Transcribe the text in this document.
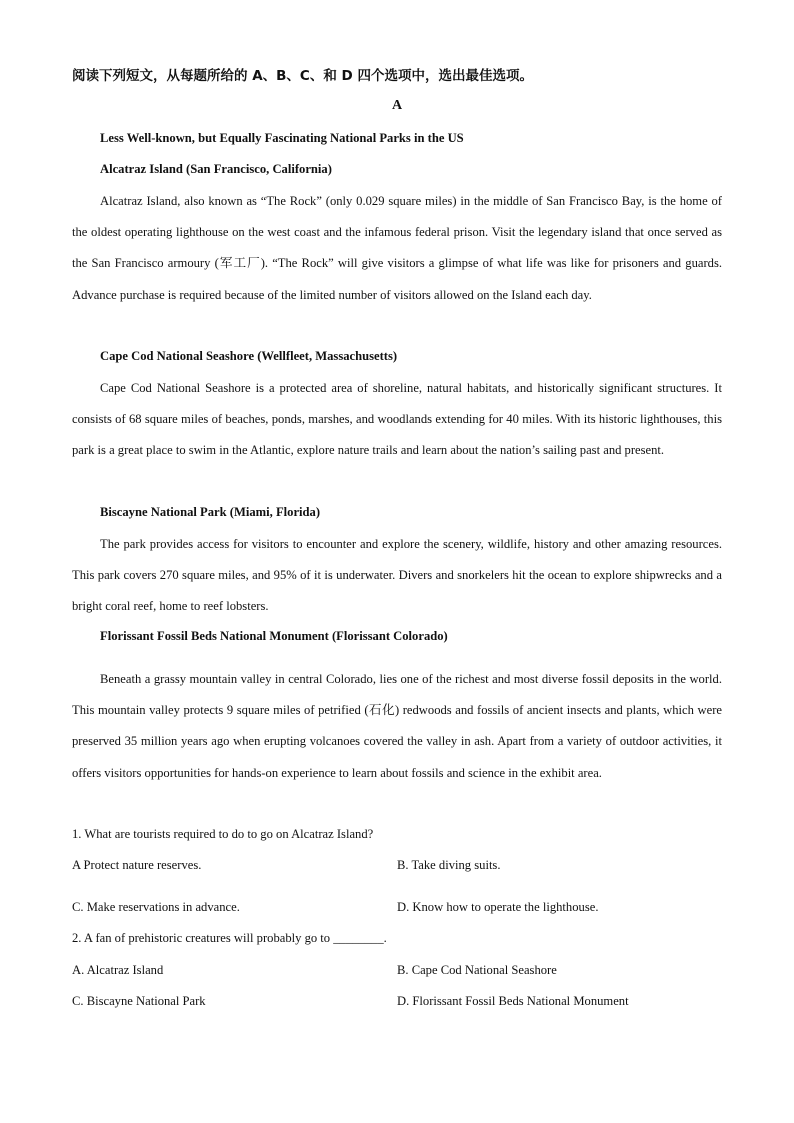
阅读下列短文，从每题所给的 A、B、C、和 D 四个选项中，选出最佳选项。
A
Less Well-known, but Equally Fascinating National Parks in the US
Alcatraz Island (San Francisco, California)

Alcatraz Island, also known as “The Rock” (only 0.029 square miles) in the middle of San Francisco Bay, is the home of the oldest operating lighthouse on the west coast and the infamous federal prison. Visit the legendary island that once served as the San Francisco armoury (军工厂). “The Rock” will give visitors a glimpse of what life was like for prisoners and guards. Advance purchase is required because of the limited number of visitors allowed on the Island each day.

Cape Cod National Seashore (Wellfleet, Massachusetts)

Cape Cod National Seashore is a protected area of shoreline, natural habitats, and historically significant structures. It consists of 68 square miles of beaches, ponds, marshes, and woodlands extending for 40 miles. With its historic lighthouses, this park is a great place to swim in the Atlantic, explore nature trails and learn about the nation’s sailing past and present.

Biscayne National Park (Miami, Florida)

The park provides access for visitors to encounter and explore the scenery, wildlife, history and other amazing resources. This park covers 270 square miles, and 95% of it is underwater. Divers and snorkelers hit the ocean to explore shipwrecks and a bright coral reef, home to reef lobsters.

Florissant Fossil Beds National Monument (Florissant Colorado)

Beneath a grassy mountain valley in central Colorado, lies one of the richest and most diverse fossil deposits in the world. This mountain valley protects 9 square miles of petrified (石化) redwoods and fossils of ancient insects and plants, which were preserved 35 million years ago when erupting volcanoes covered the valley in ash. Apart from a variety of outdoor activities, it offers visitors opportunities for hands-on experience to learn about fossils and science in the exhibit area.

1. What are tourists required to do to go on Alcatraz Island?
A Protect nature reserves.	B. Take diving suits.
C. Make reservations in advance.	D. Know how to operate the lighthouse.
2. A fan of prehistoric creatures will probably go to ________.
A. Alcatraz Island	B. Cape Cod National Seashore
C. Biscayne National Park	D. Florissant Fossil Beds National Monument
